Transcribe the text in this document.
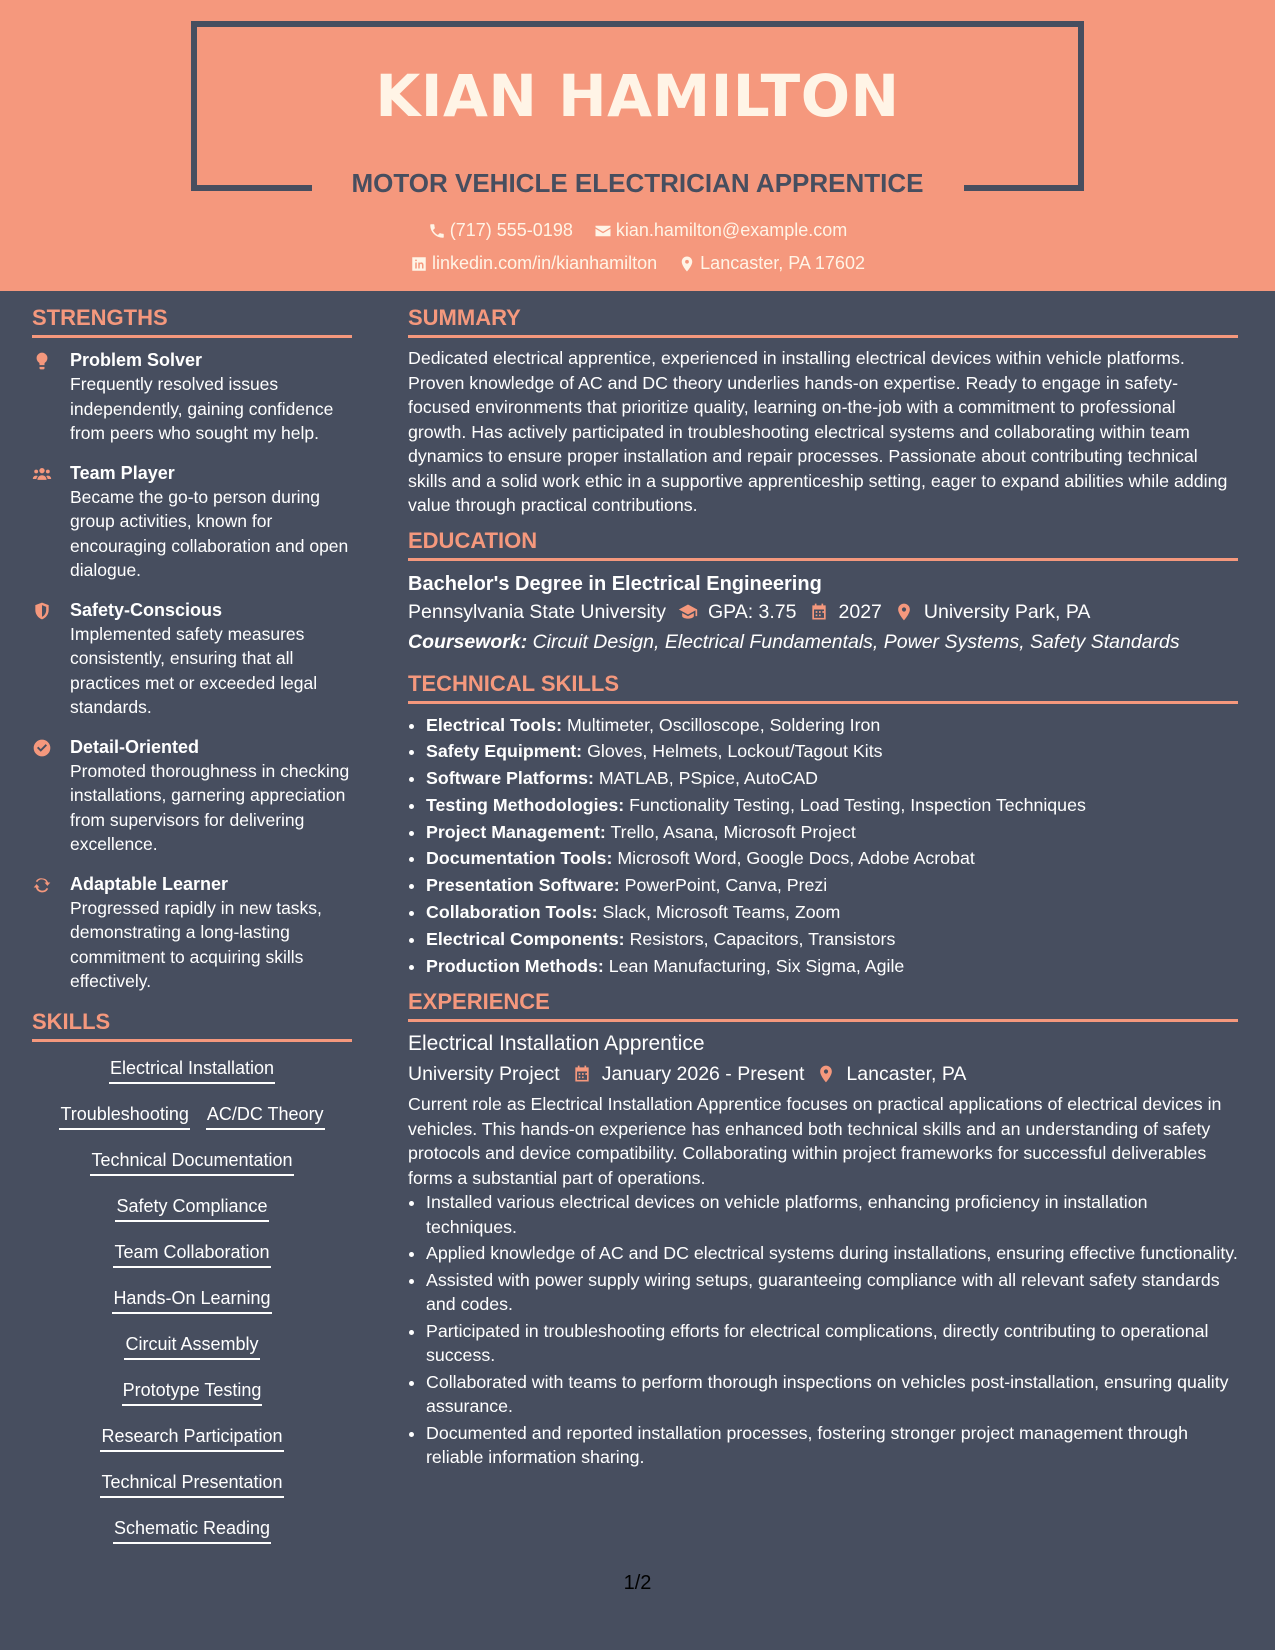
KIAN HAMILTON
MOTOR VEHICLE ELECTRICIAN APPRENTICE
(717) 555-0198
kian.hamilton@example.com
linkedin.com/in/kianhamilton
Lancaster, PA 17602
STRENGTHS
Problem Solver
Frequently resolved issues independently, gaining confidence from peers who sought my help.
Team Player
Became the go-to person during group activities, known for encouraging collaboration and open dialogue.
Safety-Conscious
Implemented safety measures consistently, ensuring that all practices met or exceeded legal standards.
Detail-Oriented
Promoted thoroughness in checking installations, garnering appreciation from supervisors for delivering excellence.
Adaptable Learner
Progressed rapidly in new tasks, demonstrating a long-lasting commitment to acquiring skills effectively.
SKILLS
Electrical Installation
Troubleshooting AC/DC Theory
Technical Documentation
Safety Compliance
Team Collaboration
Hands-On Learning
Circuit Assembly
Prototype Testing
Research Participation
Technical Presentation
Schematic Reading
SUMMARY
Dedicated electrical apprentice, experienced in installing electrical devices within vehicle platforms. Proven knowledge of AC and DC theory underlies hands-on expertise. Ready to engage in safety-focused environments that prioritize quality, learning on-the-job with a commitment to professional growth. Has actively participated in troubleshooting electrical systems and collaborating within team dynamics to ensure proper installation and repair processes. Passionate about contributing technical skills and a solid work ethic in a supportive apprenticeship setting, eager to expand abilities while adding value through practical contributions.
EDUCATION
Bachelor's Degree in Electrical Engineering
Pennsylvania State University GPA: 3.75 2027 University Park, PA
Coursework: Circuit Design, Electrical Fundamentals, Power Systems, Safety Standards
TECHNICAL SKILLS
• Electrical Tools: Multimeter, Oscilloscope, Soldering Iron
• Safety Equipment: Gloves, Helmets, Lockout/Tagout Kits
• Software Platforms: MATLAB, PSpice, AutoCAD
• Testing Methodologies: Functionality Testing, Load Testing, Inspection Techniques
• Project Management: Trello, Asana, Microsoft Project
• Documentation Tools: Microsoft Word, Google Docs, Adobe Acrobat
• Presentation Software: PowerPoint, Canva, Prezi
• Collaboration Tools: Slack, Microsoft Teams, Zoom
• Electrical Components: Resistors, Capacitors, Transistors
• Production Methods: Lean Manufacturing, Six Sigma, Agile
EXPERIENCE
Electrical Installation Apprentice
University Project January 2026 - Present Lancaster, PA
Current role as Electrical Installation Apprentice focuses on practical applications of electrical devices in vehicles. This hands-on experience has enhanced both technical skills and an understanding of safety protocols and device compatibility. Collaborating within project frameworks for successful deliverables forms a substantial part of operations.
• Installed various electrical devices on vehicle platforms, enhancing proficiency in installation techniques.
• Applied knowledge of AC and DC electrical systems during installations, ensuring effective functionality.
• Assisted with power supply wiring setups, guaranteeing compliance with all relevant safety standards and codes.
• Participated in troubleshooting efforts for electrical complications, directly contributing to operational success.
• Collaborated with teams to perform thorough inspections on vehicles post-installation, ensuring quality assurance.
• Documented and reported installation processes, fostering stronger project management through reliable information sharing.
1/2
